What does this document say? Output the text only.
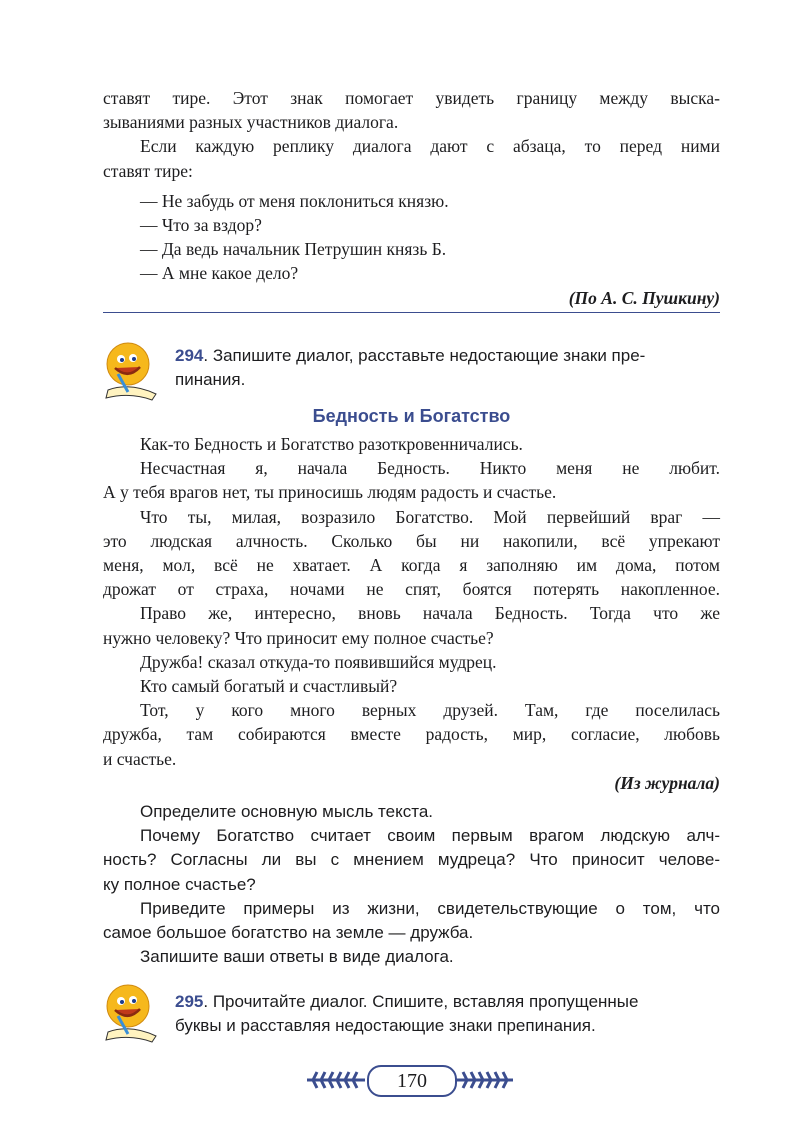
ставят тире. Этот знак помогает увидеть границу между выска-
зываниями разных участников диалога.
Если каждую реплику диалога дают с абзаца, то перед ними
ставят тире:
— Не забудь от меня поклониться князю.
— Что за вздор?
— Да ведь начальник Петрушин князь Б.
— А мне какое дело?
(По А. С. Пушкину)
294. Запишите диалог, расставьте недостающие знаки пре-
пинания.
Бедность и Богатство
Как-то Бедность и Богатство разоткровенничались.
Несчастная я, начала Бедность. Никто меня не любит.
А у тебя врагов нет, ты приносишь людям радость и счастье.
Что ты, милая, возразило Богатство. Мой первейший враг —
это людская алчность. Сколько бы ни накопили, всё упрекают
меня, мол, всё не хватает. А когда я заполняю им дома, потом
дрожат от страха, ночами не спят, боятся потерять накопленное.
Право же, интересно, вновь начала Бедность. Тогда что же
нужно человеку? Что приносит ему полное счастье?
Дружба! сказал откуда-то появившийся мудрец.
Кто самый богатый и счастливый?
Тот, у кого много верных друзей. Там, где поселилась
дружба, там собираются вместе радость, мир, согласие, любовь
и счастье.
(Из журнала)
Определите основную мысль текста.
Почему Богатство считает своим первым врагом людскую алч-
ность? Согласны ли вы с мнением мудреца? Что приносит челове-
ку полное счастье?
Приведите примеры из жизни, свидетельствующие о том, что
самое большое богатство на земле — дружба.
Запишите ваши ответы в виде диалога.
295. Прочитайте диалог. Спишите, вставляя пропущенные
буквы и расставляя недостающие знаки препинания.
170
